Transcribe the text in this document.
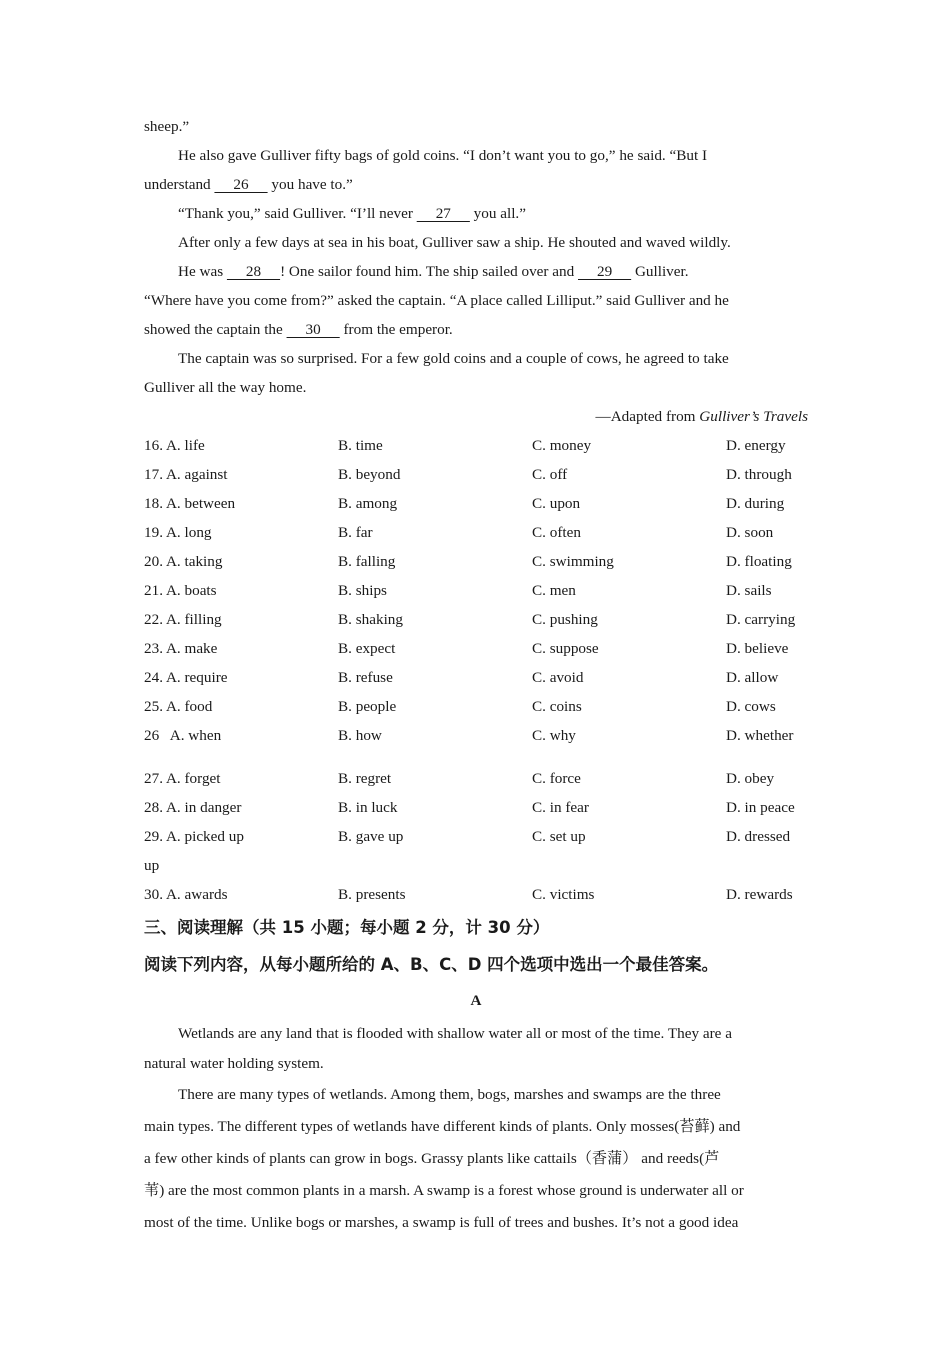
sheep.”
He also gave Gulliver fifty bags of gold coins. “I don’t want you to go,” he said. “But I
understand      26      you have to.”
“Thank you,” said Gulliver. “I’ll never      27      you all.”
After only a few days at sea in his boat, Gulliver saw a ship. He shouted and waved wildly.
He was      28     ! One sailor found him. The ship sailed over and      29      Gulliver.
“Where have you come from?” asked the captain. “A place called Lilliput.” said Gulliver and he
showed the captain the      30      from the emperor.
The captain was so surprised. For a few gold coins and a couple of cows, he agreed to take
Gulliver all the way home.
—Adapted from Gulliver’s Travels
16. A. life	B. time	C. money	D. energy
17. A. against	B. beyond	C. off	D. through
18. A. between	B. among	C. upon	D. during
19. A. long	B. far	C. often	D. soon
20. A. taking	B. falling	C. swimming	D. floating
21. A. boats	B. ships	C. men	D. sails
22. A. filling	B. shaking	C. pushing	D. carrying
23. A. make	B. expect	C. suppose	D. believe
24. A. require	B. refuse	C. avoid	D. allow
25. A. food	B. people	C. coins	D. cows
26   A. when	B. how	C. why	D. whether
27. A. forget	B. regret	C. force	D. obey
28. A. in danger	B. in luck	C. in fear	D. in peace
29. A. picked up	B. gave up	C. set up	D. dressed
up
30. A. awards	B. presents	C. victims	D. rewards
三、阅读理解（共 15 小题；每小题 2 分，计 30 分）
阅读下列内容，从每小题所给的 A、B、C、D 四个选项中选出一个最佳答案。
A
Wetlands are any land that is flooded with shallow water all or most of the time. They are a
natural water holding system.
There are many types of wetlands. Among them, bogs, marshes and swamps are the three
main types. The different types of wetlands have different kinds of plants. Only mosses(苔藓) and
a few other kinds of plants can grow in bogs. Grassy plants like cattails（香蒲） and reeds(芦
苇) are the most common plants in a marsh. A swamp is a forest whose ground is underwater all or
most of the time. Unlike bogs or marshes, a swamp is full of trees and bushes. It’s not a good idea
